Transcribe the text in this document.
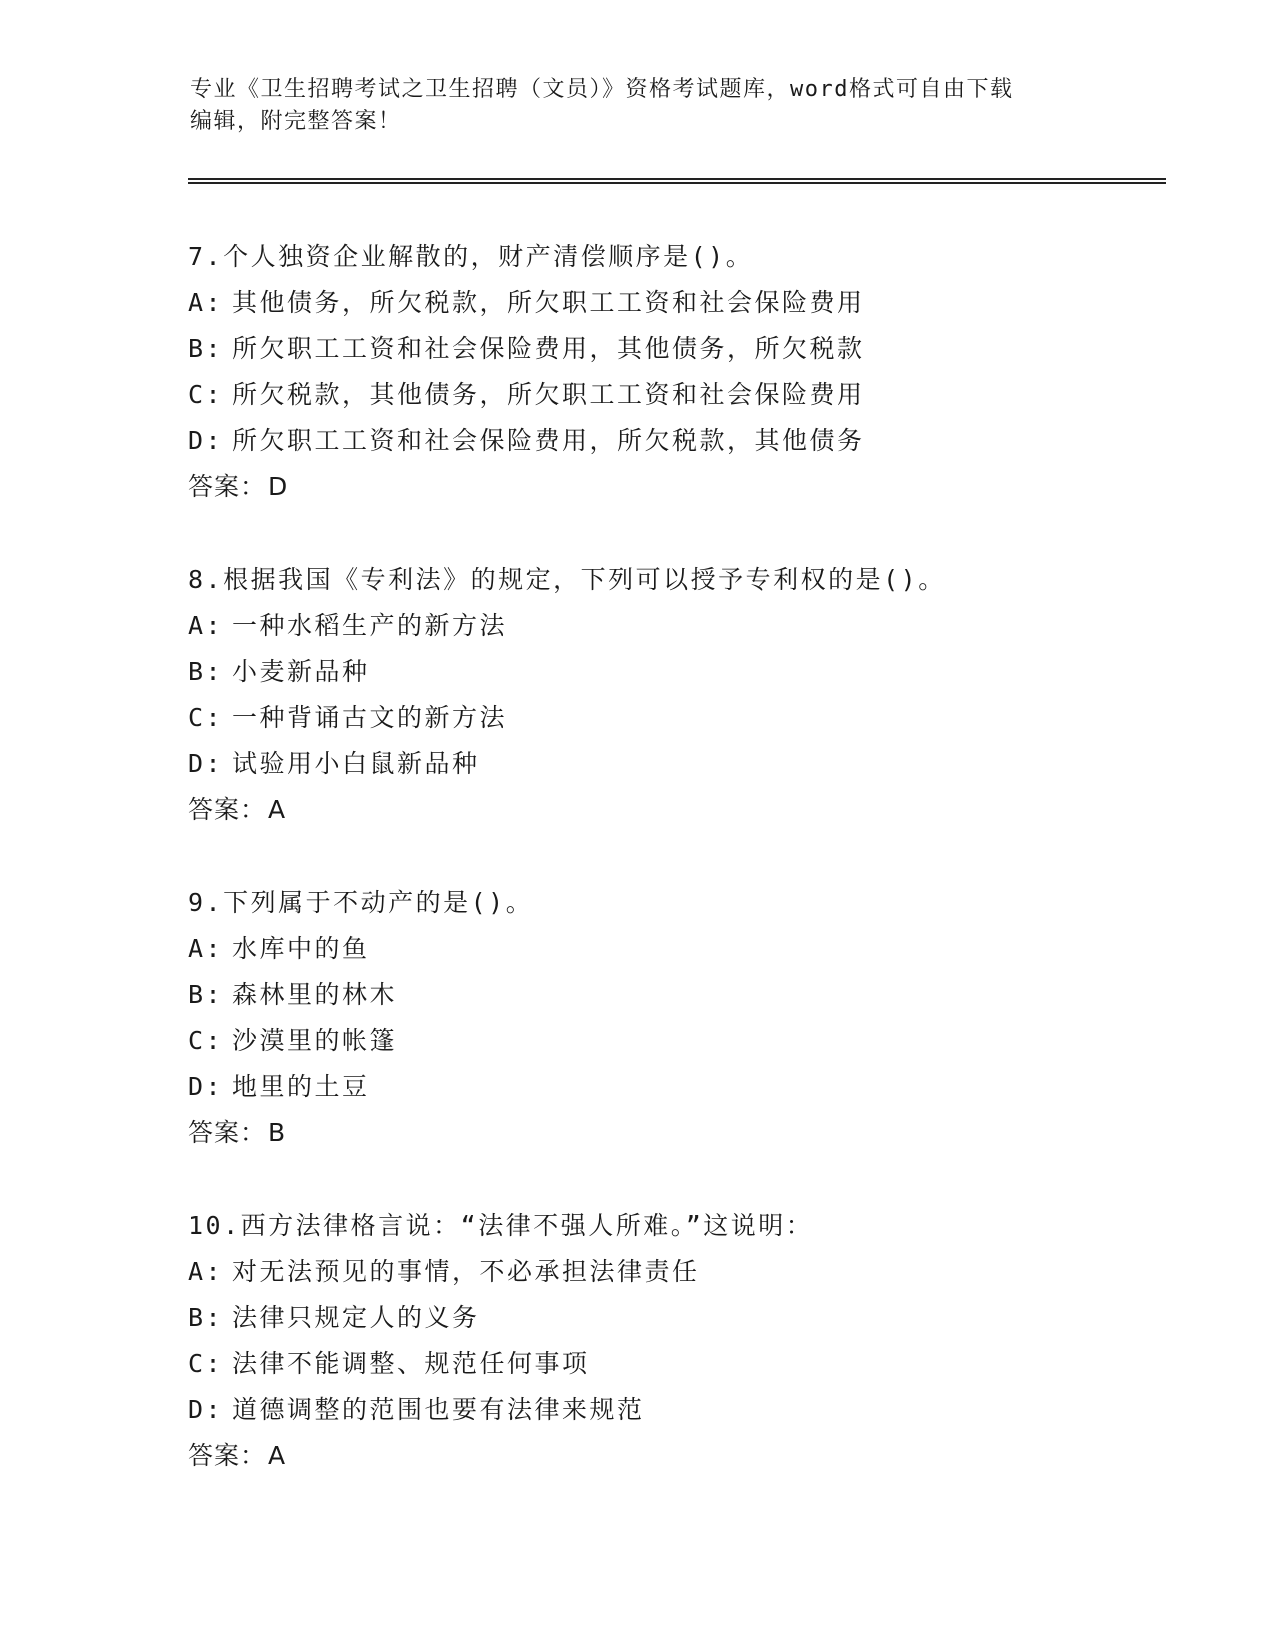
专业《卫生招聘考试之卫生招聘（文员）》资格考试题库，word格式可自由下载
编辑，附完整答案！
7.个人独资企业解散的，财产清偿顺序是()。
A: 其他债务，所欠税款，所欠职工工资和社会保险费用
B: 所欠职工工资和社会保险费用，其他债务，所欠税款
C: 所欠税款，其他债务，所欠职工工资和社会保险费用
D: 所欠职工工资和社会保险费用，所欠税款，其他债务
答案：D
8.根据我国《专利法》的规定，下列可以授予专利权的是()。
A: 一种水稻生产的新方法
B: 小麦新品种
C: 一种背诵古文的新方法
D: 试验用小白鼠新品种
答案：A
9.下列属于不动产的是()。
A: 水库中的鱼
B: 森林里的林木
C: 沙漠里的帐篷
D: 地里的土豆
答案：B
10.西方法律格言说：“法律不强人所难。”这说明：
A: 对无法预见的事情，不必承担法律责任
B: 法律只规定人的义务
C: 法律不能调整、规范任何事项
D: 道德调整的范围也要有法律来规范
答案：A
